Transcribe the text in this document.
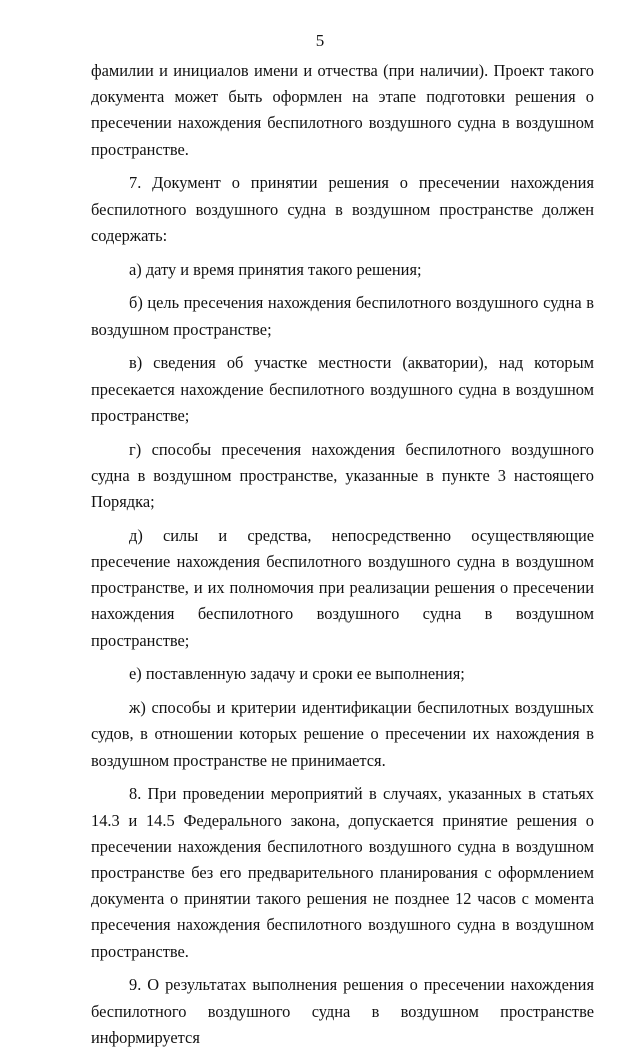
5

фамилии и инициалов имени и отчества (при наличии). Проект такого документа может быть оформлен на этапе подготовки решения о пресечении нахождения беспилотного воздушного судна в воздушном пространстве.

7. Документ о принятии решения о пресечении нахождения беспилотного воздушного судна в воздушном пространстве должен содержать:

а) дату и время принятия такого решения;

б) цель пресечения нахождения беспилотного воздушного судна в воздушном пространстве;

в) сведения об участке местности (акватории), над которым пресекается нахождение беспилотного воздушного судна в воздушном пространстве;

г) способы пресечения нахождения беспилотного воздушного судна в воздушном пространстве, указанные в пункте 3 настоящего Порядка;

д) силы и средства, непосредственно осуществляющие пресечение нахождения беспилотного воздушного судна в воздушном пространстве, и их полномочия при реализации решения о пресечении нахождения беспилотного воздушного судна в воздушном пространстве;

е) поставленную задачу и сроки ее выполнения;

ж) способы и критерии идентификации беспилотных воздушных судов, в отношении которых решение о пресечении их нахождения в воздушном пространстве не принимается.

8. При проведении мероприятий в случаях, указанных в статьях 14.3 и 14.5 Федерального закона, допускается принятие решения о пресечении нахождения беспилотного воздушного судна в воздушном пространстве без его предварительного планирования с оформлением документа о принятии такого решения не позднее 12 часов с момента пресечения нахождения беспилотного воздушного судна в воздушном пространстве.

9. О результатах выполнения решения о пресечении нахождения беспилотного воздушного судна в воздушном пространстве информируется
